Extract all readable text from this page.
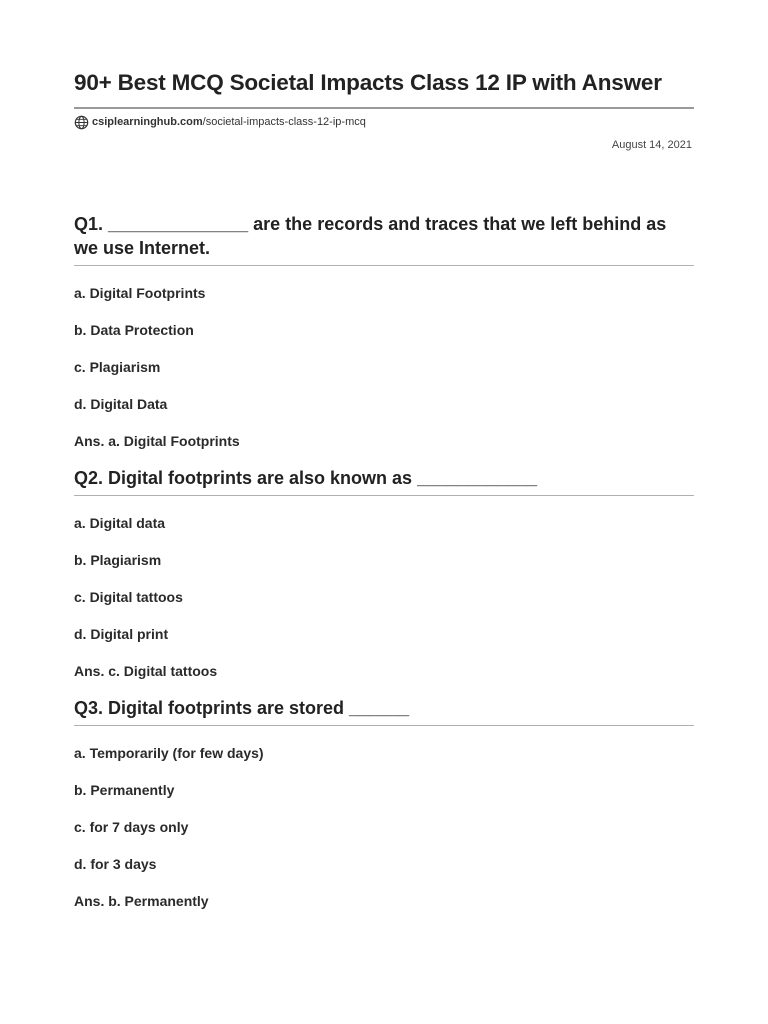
90+ Best MCQ Societal Impacts Class 12 IP with Answer
csiplearninghub.com /societal-impacts-class-12-ip-mcq
August 14, 2021
Q1. ______________ are the records and traces that we left behind as we use Internet.
a. Digital Footprints
b. Data Protection
c. Plagiarism
d. Digital Data
Ans. a. Digital Footprints
Q2. Digital footprints are also known as ____________
a. Digital data
b. Plagiarism
c. Digital tattoos
d. Digital print
Ans. c. Digital tattoos
Q3. Digital footprints are stored ______
a. Temporarily (for few days)
b. Permanently
c. for 7 days only
d. for 3 days
Ans. b. Permanently
